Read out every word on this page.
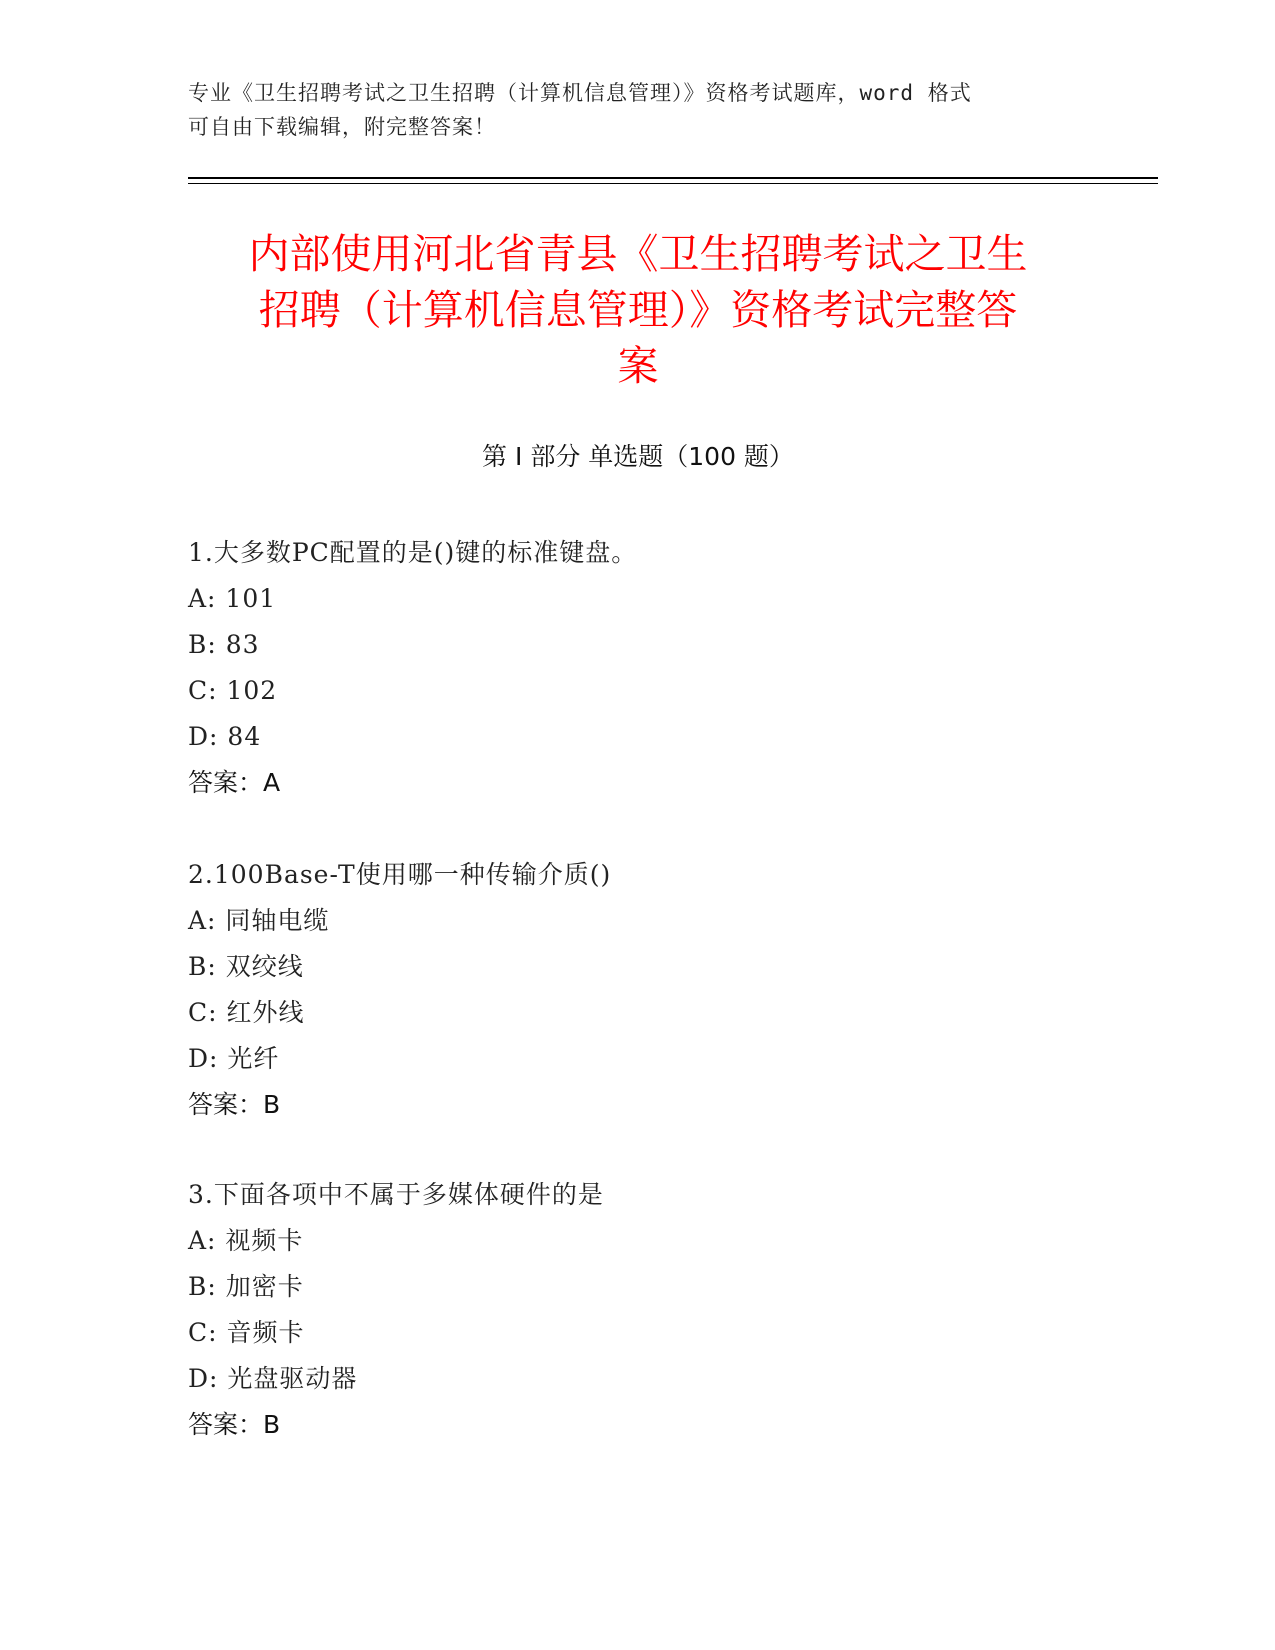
专业《卫生招聘考试之卫生招聘（计算机信息管理）》资格考试题库，word 格式
可自由下载编辑，附完整答案！
内部使用河北省青县《卫生招聘考试之卫生
招聘（计算机信息管理）》资格考试完整答
案
第 I 部分 单选题（100 题）
1.大多数PC配置的是()键的标准键盘。
A: 101
B: 83
C: 102
D: 84
答案：A
2.100Base-T使用哪一种传输介质()
A: 同轴电缆
B: 双绞线
C: 红外线
D: 光纤
答案：B
3.下面各项中不属于多媒体硬件的是
A: 视频卡
B: 加密卡
C: 音频卡
D: 光盘驱动器
答案：B
